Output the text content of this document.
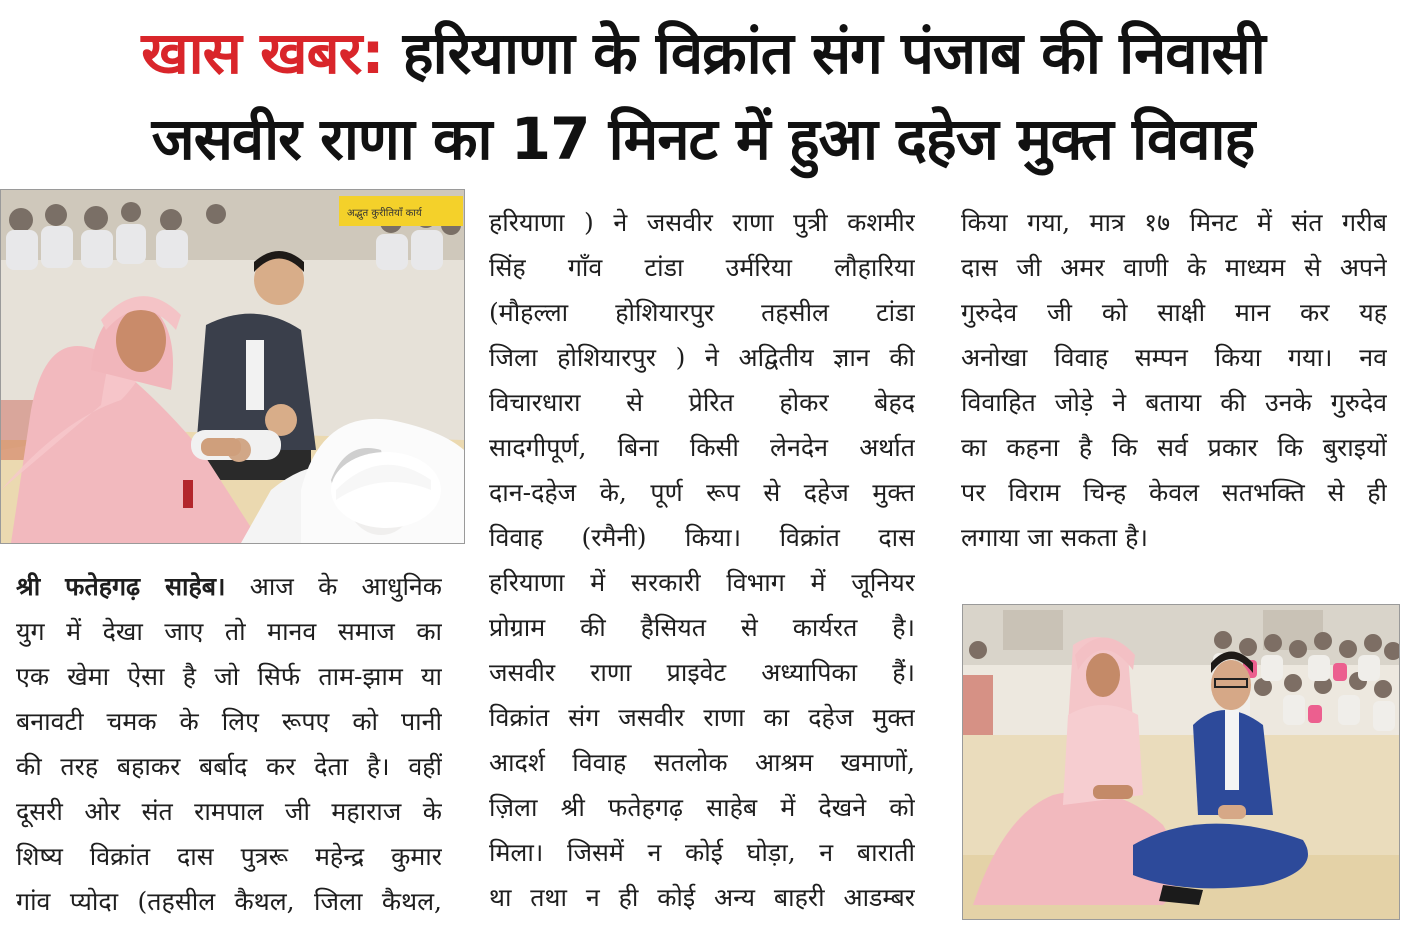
खास खबर: हरियाणा के विक्रांत संग पंजाब की निवासी
जसवीर राणा का 17 मिनट में हुआ दहेज मुक्त विवाह
अद्भुत कुरीतियाँ कार्य
श्री फतेहगढ़ साहेब। आज के आधुनिक
युग में देखा जाए तो मानव समाज का
एक खेमा ऐसा है जो सिर्फ ताम-झाम या
बनावटी चमक के लिए रूपए को पानी
की तरह बहाकर बर्बाद कर देता है। वहीं
दूसरी ओर संत रामपाल जी महाराज के
शिष्य विक्रांत दास पुत्ररू महेन्द्र कुमार
गांव प्योदा (तहसील कैथल, जिला कैथल,
हरियाणा ) ने जसवीर राणा पुत्री कशमीर
सिंह गाँव टांडा उर्मरिया लौहारिया
(मौहल्ला होशियारपुर तहसील टांडा
जिला होशियारपुर ) ने अद्वितीय ज्ञान की
विचारधारा से प्रेरित होकर बेहद
सादगीपूर्ण, बिना किसी लेनदेन अर्थात
दान-दहेज के, पूर्ण रूप से दहेज मुक्त
विवाह (रमैनी) किया। विक्रांत दास
हरियाणा में सरकारी विभाग में जूनियर
प्रोग्राम की हैसियत से कार्यरत है।
जसवीर राणा प्राइवेट अध्यापिका हैं।
विक्रांत संग जसवीर राणा का दहेज मुक्त
आदर्श विवाह सतलोक आश्रम खमाणों,
ज़िला श्री फतेहगढ़ साहेब में देखने को
मिला। जिसमें न कोई घोड़ा, न बाराती
था तथा न ही कोई अन्य बाहरी आडम्बर
किया गया, मात्र १७ मिनट में संत गरीब
दास जी अमर वाणी के माध्यम से अपने
गुरुदेव जी को साक्षी मान कर यह
अनोखा विवाह सम्पन किया गया। नव
विवाहित जोड़े ने बताया की उनके गुरुदेव
का कहना है कि सर्व प्रकार कि बुराइयों
पर विराम चिन्ह केवल सतभक्ति से ही
लगाया जा सकता है।
